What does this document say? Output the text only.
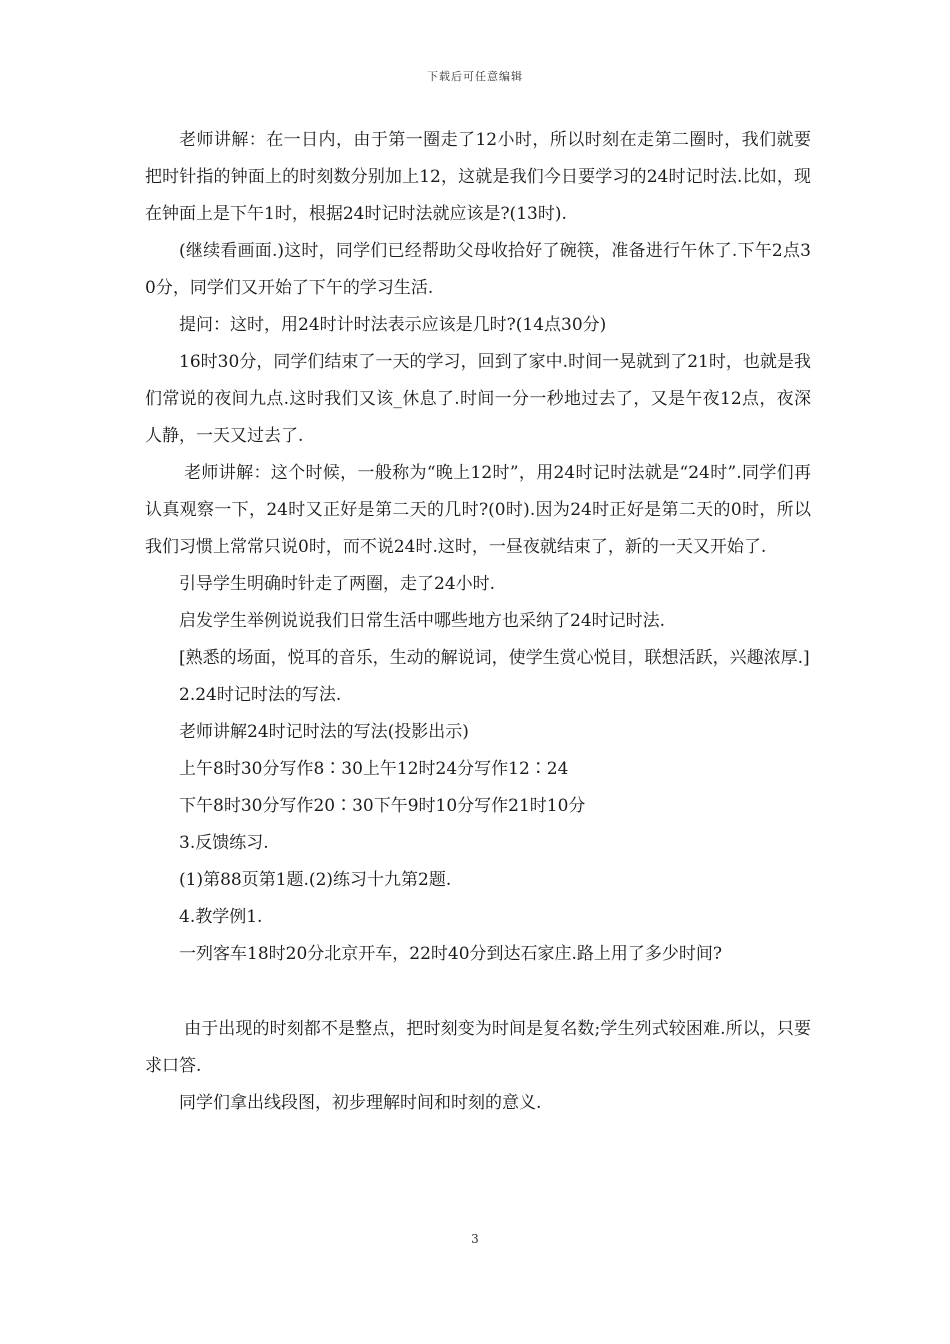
下载后可任意编辑

老师讲解：在一日内，由于第一圈走了12小时，所以时刻在走第二圈时，我们就要把时针指的钟面上的时刻数分别加上12，这就是我们今日要学习的24时记时法.比如，现在钟面上是下午1时，根据24时记时法就应该是?(13时).

(继续看画面.)这时，同学们已经帮助父母收拾好了碗筷，准备进行午休了.下午2点30分，同学们又开始了下午的学习生活.

提问：这时，用24时计时法表示应该是几时?(14点30分)

16时30分，同学们结束了一天的学习，回到了家中.时间一晃就到了21时，也就是我们常说的夜间九点.这时我们又该_休息了.时间一分一秒地过去了，又是午夜12点，夜深人静，一天又过去了.

老师讲解：这个时候，一般称为“晚上12时”，用24时记时法就是“24时”.同学们再认真观察一下，24时又正好是第二天的几时?(0时).因为24时正好是第二天的0时，所以我们习惯上常常只说0时，而不说24时.这时，一昼夜就结束了，新的一天又开始了.

引导学生明确时针走了两圈，走了24小时.

启发学生举例说说我们日常生活中哪些地方也采纳了24时记时法.

[熟悉的场面，悦耳的音乐，生动的解说词，使学生赏心悦目，联想活跃，兴趣浓厚.]

2.24时记时法的写法.

老师讲解24时记时法的写法(投影出示)

上午8时30分写作8∶30上午12时24分写作12∶24

下午8时30分写作20∶30下午9时10分写作21时10分

3.反馈练习.

(1)第88页第1题.(2)练习十九第2题.

4.教学例1.

一列客车18时20分北京开车，22时40分到达石家庄.路上用了多少时间?

由于出现的时刻都不是整点，把时刻变为时间是复名数;学生列式较困难.所以，只要求口答.

同学们拿出线段图，初步理解时间和时刻的意义.

3
